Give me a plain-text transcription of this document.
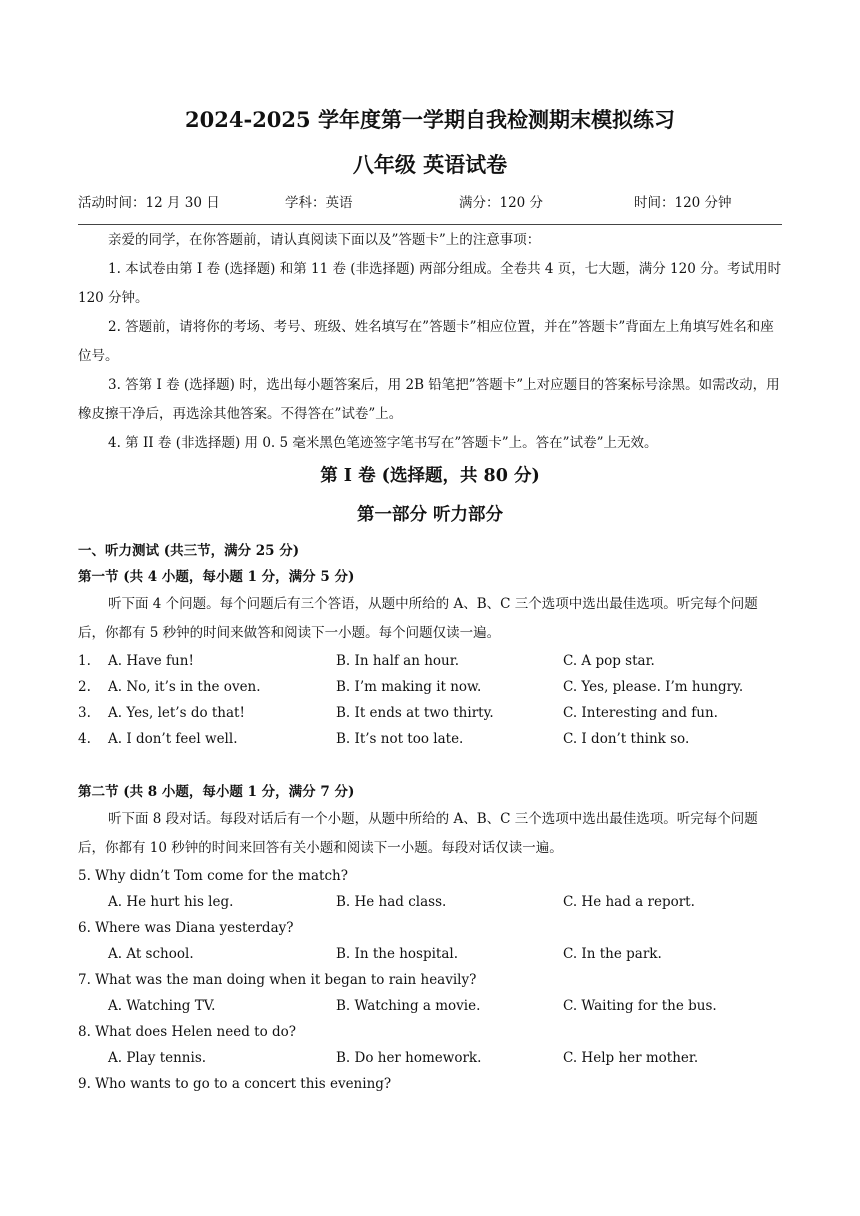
2024-2025 学年度第一学期自我检测期末模拟练习
八年级 英语试卷
活动时间：12 月 30 日	学科：英语	满分：120 分	时间：120 分钟

亲爱的同学，在你答题前，请认真阅读下面以及”答题卡”上的注意事项：

1. 本试卷由第 I 卷 (选择题) 和第 11 卷 (非选择题) 两部分组成。全卷共 4 页，七大题，满分 120 分。考试用时 120 分钟。

2. 答题前，请将你的考场、考号、班级、姓名填写在”答题卡”相应位置，并在”答题卡”背面左上角填写姓名和座位号。

3. 答第 I 卷 (选择题) 时，选出每小题答案后，用 2B 铅笔把”答题卡”上对应题目的答案标号涂黑。如需改动，用橡皮擦干净后，再选涂其他答案。不得答在”试卷”上。

4. 第 II 卷 (非选择题) 用 0. 5 毫米黑色笔迹签字笔书写在”答题卡”上。答在”试卷”上无效。

第 I 卷 (选择题，共 80 分)
第一部分 听力部分
一、听力测试 (共三节，满分 25 分)
第一节 (共 4 小题，每小题 1 分，满分 5 分)
听下面 4 个问题。每个问题后有三个答语，从题中所给的 A、B、C 三个选项中选出最佳选项。听完每个问题后，你都有 5 秒钟的时间来做答和阅读下一小题。每个问题仅读一遍。
1. A. Have fun!	B. In half an hour.	C. A pop star.
2. A. No, it’s in the oven.	B. I’m making it now.	C. Yes, please. I’m hungry.
3. A. Yes, let’s do that!	B. It ends at two thirty.	C. Interesting and fun.
4. A. I don’t feel well.	B. It’s not too late.	C. I don’t think so.
第二节 (共 8 小题，每小题 1 分，满分 7 分)
听下面 8 段对话。每段对话后有一个小题，从题中所给的 A、B、C 三个选项中选出最佳选项。听完每个问题后，你都有 10 秒钟的时间来回答有关小题和阅读下一小题。每段对话仅读一遍。
5. Why didn’t Tom come for the match?
A. He hurt his leg.	B. He had class.	C. He had a report.
6. Where was Diana yesterday?
A. At school.	B. In the hospital.	C. In the park.
7. What was the man doing when it began to rain heavily?
A. Watching TV.	B. Watching a movie.	C. Waiting for the bus.
8. What does Helen need to do?
A. Play tennis.	B. Do her homework.	C. Help her mother.
9. Who wants to go to a concert this evening?
